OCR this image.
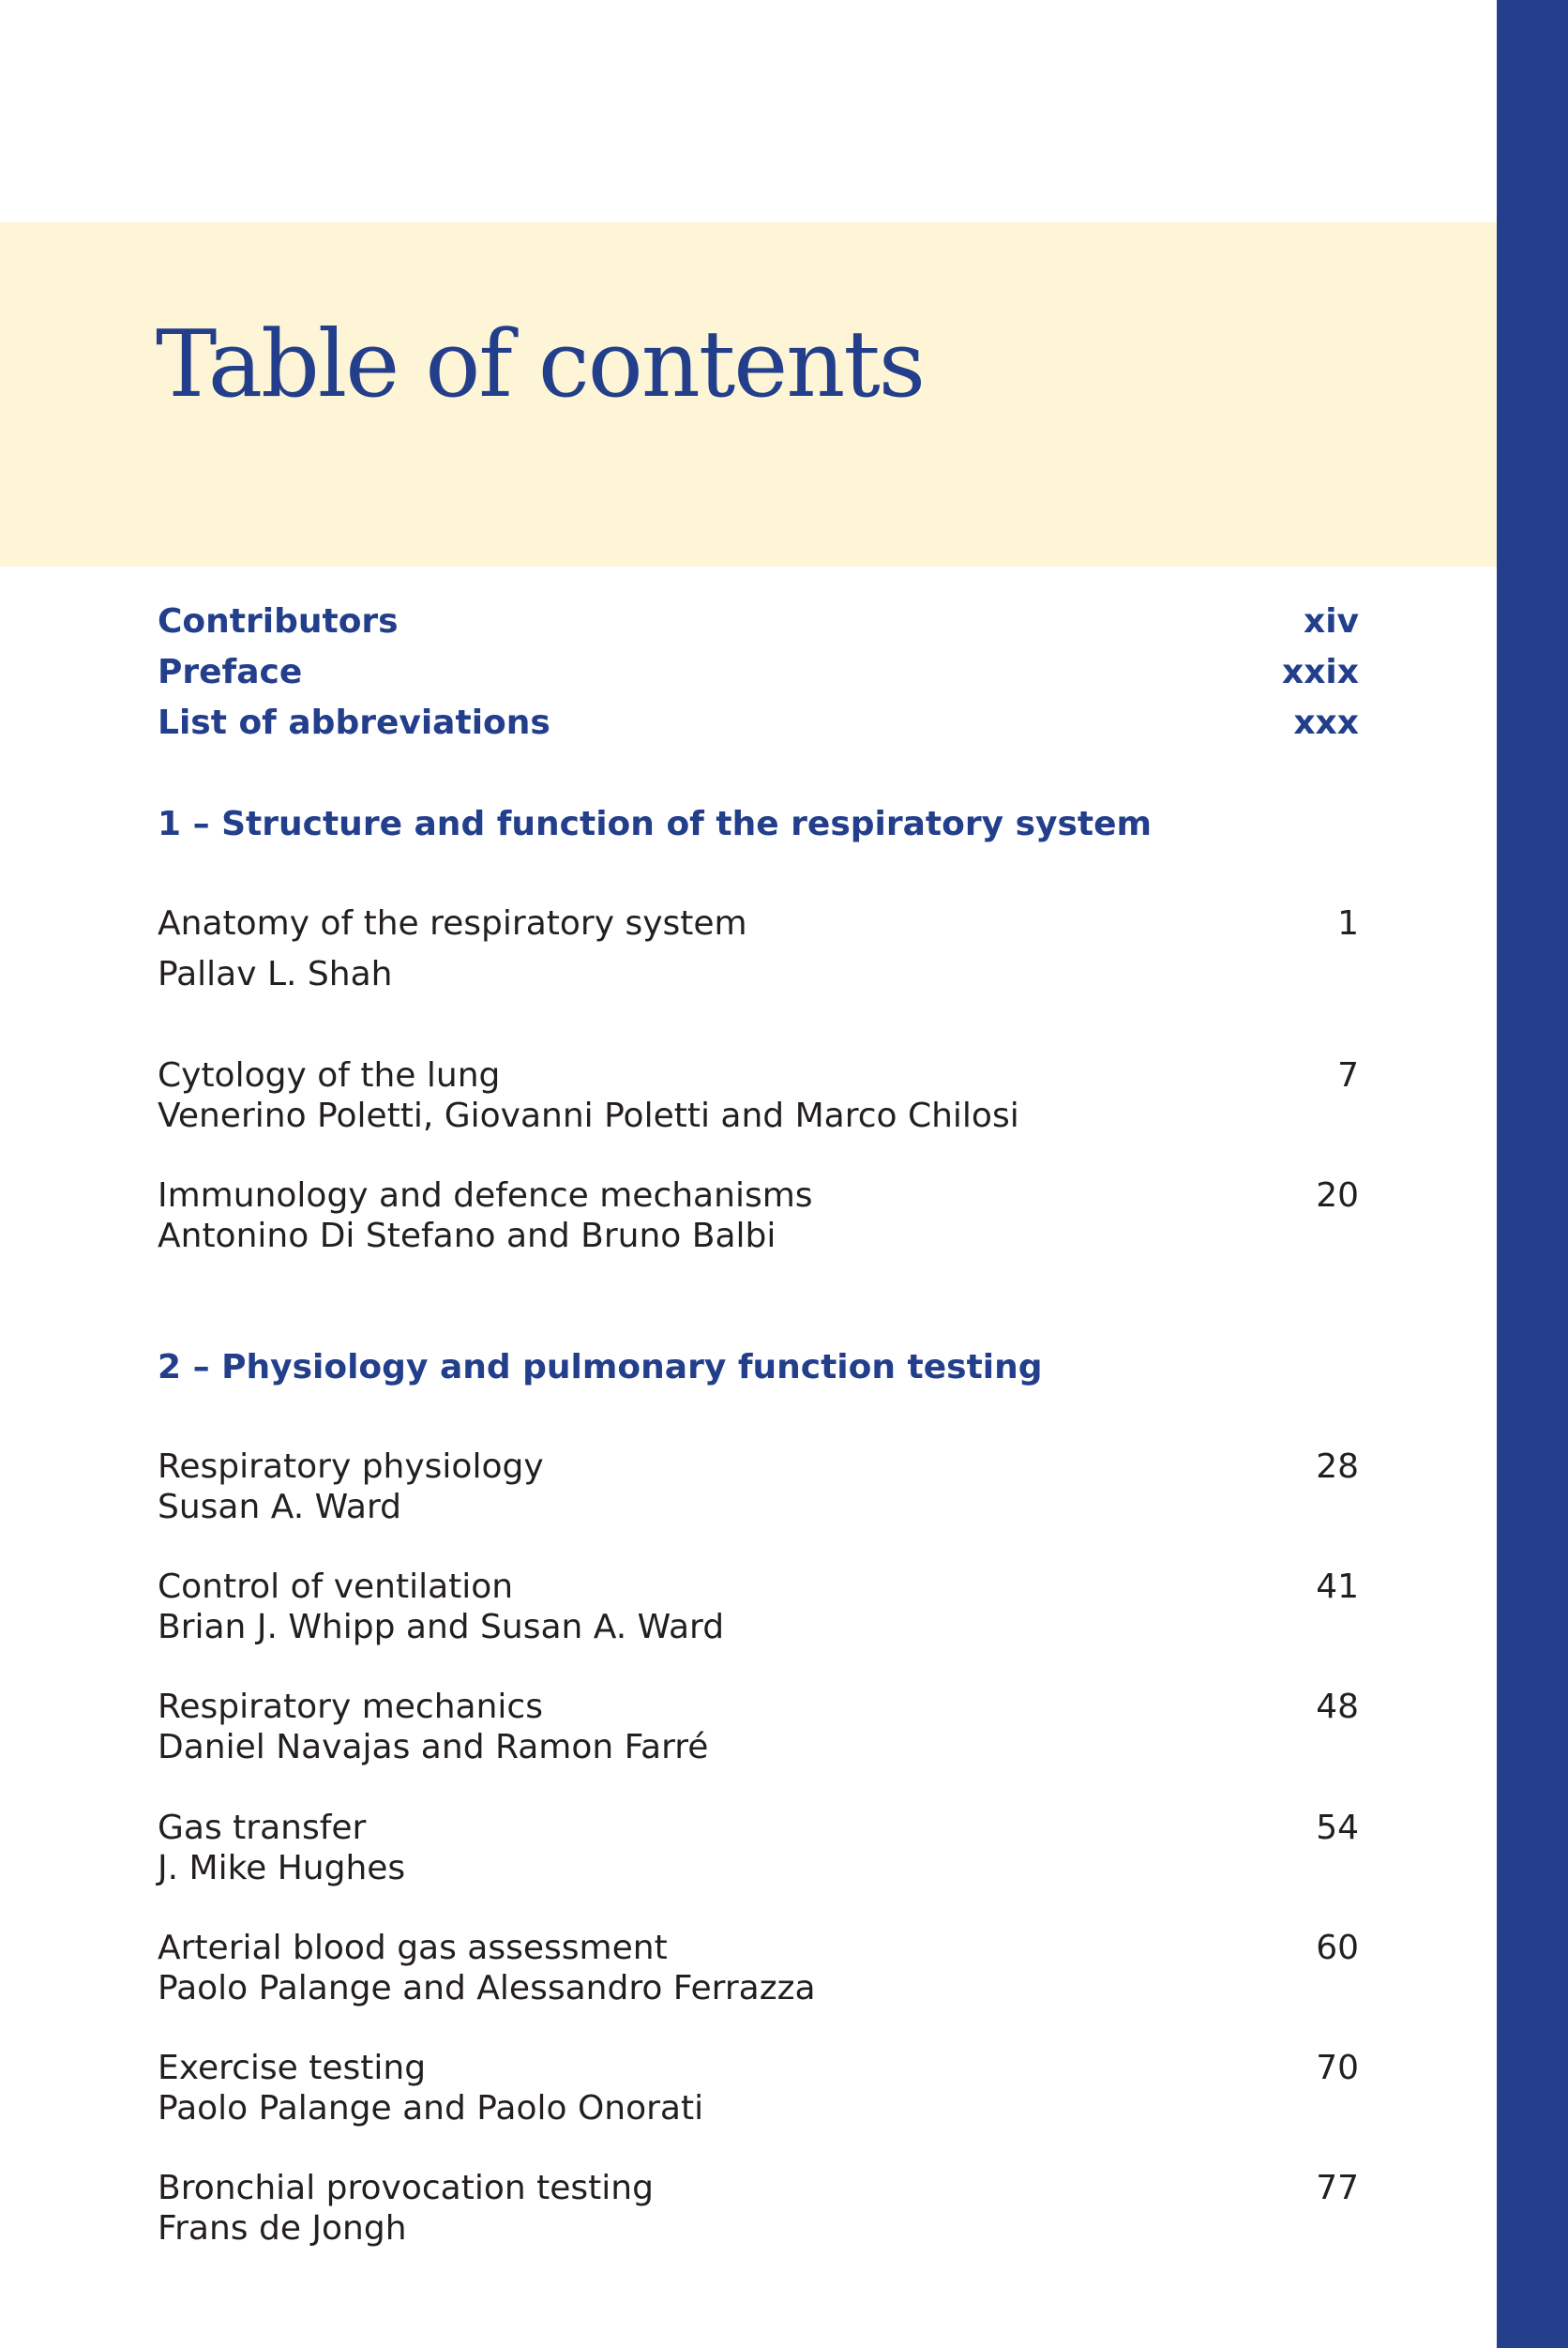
Table of contents
Contributors	xiv
Preface	xxix
List of abbreviations	xxx
1 – Structure and function of the respiratory system
Anatomy of the respiratory system	1
Pallav L. Shah
Cytology of the lung	7
Venerino Poletti, Giovanni Poletti and Marco Chilosi
Immunology and defence mechanisms	20
Antonino Di Stefano and Bruno Balbi
2 – Physiology and pulmonary function testing
Respiratory physiology	28
Susan A. Ward
Control of ventilation	41
Brian J. Whipp and Susan A. Ward
Respiratory mechanics	48
Daniel Navajas and Ramon Farré
Gas transfer	54
J. Mike Hughes
Arterial blood gas assessment	60
Paolo Palange and Alessandro Ferrazza
Exercise testing	70
Paolo Palange and Paolo Onorati
Bronchial provocation testing	77
Frans de Jongh
